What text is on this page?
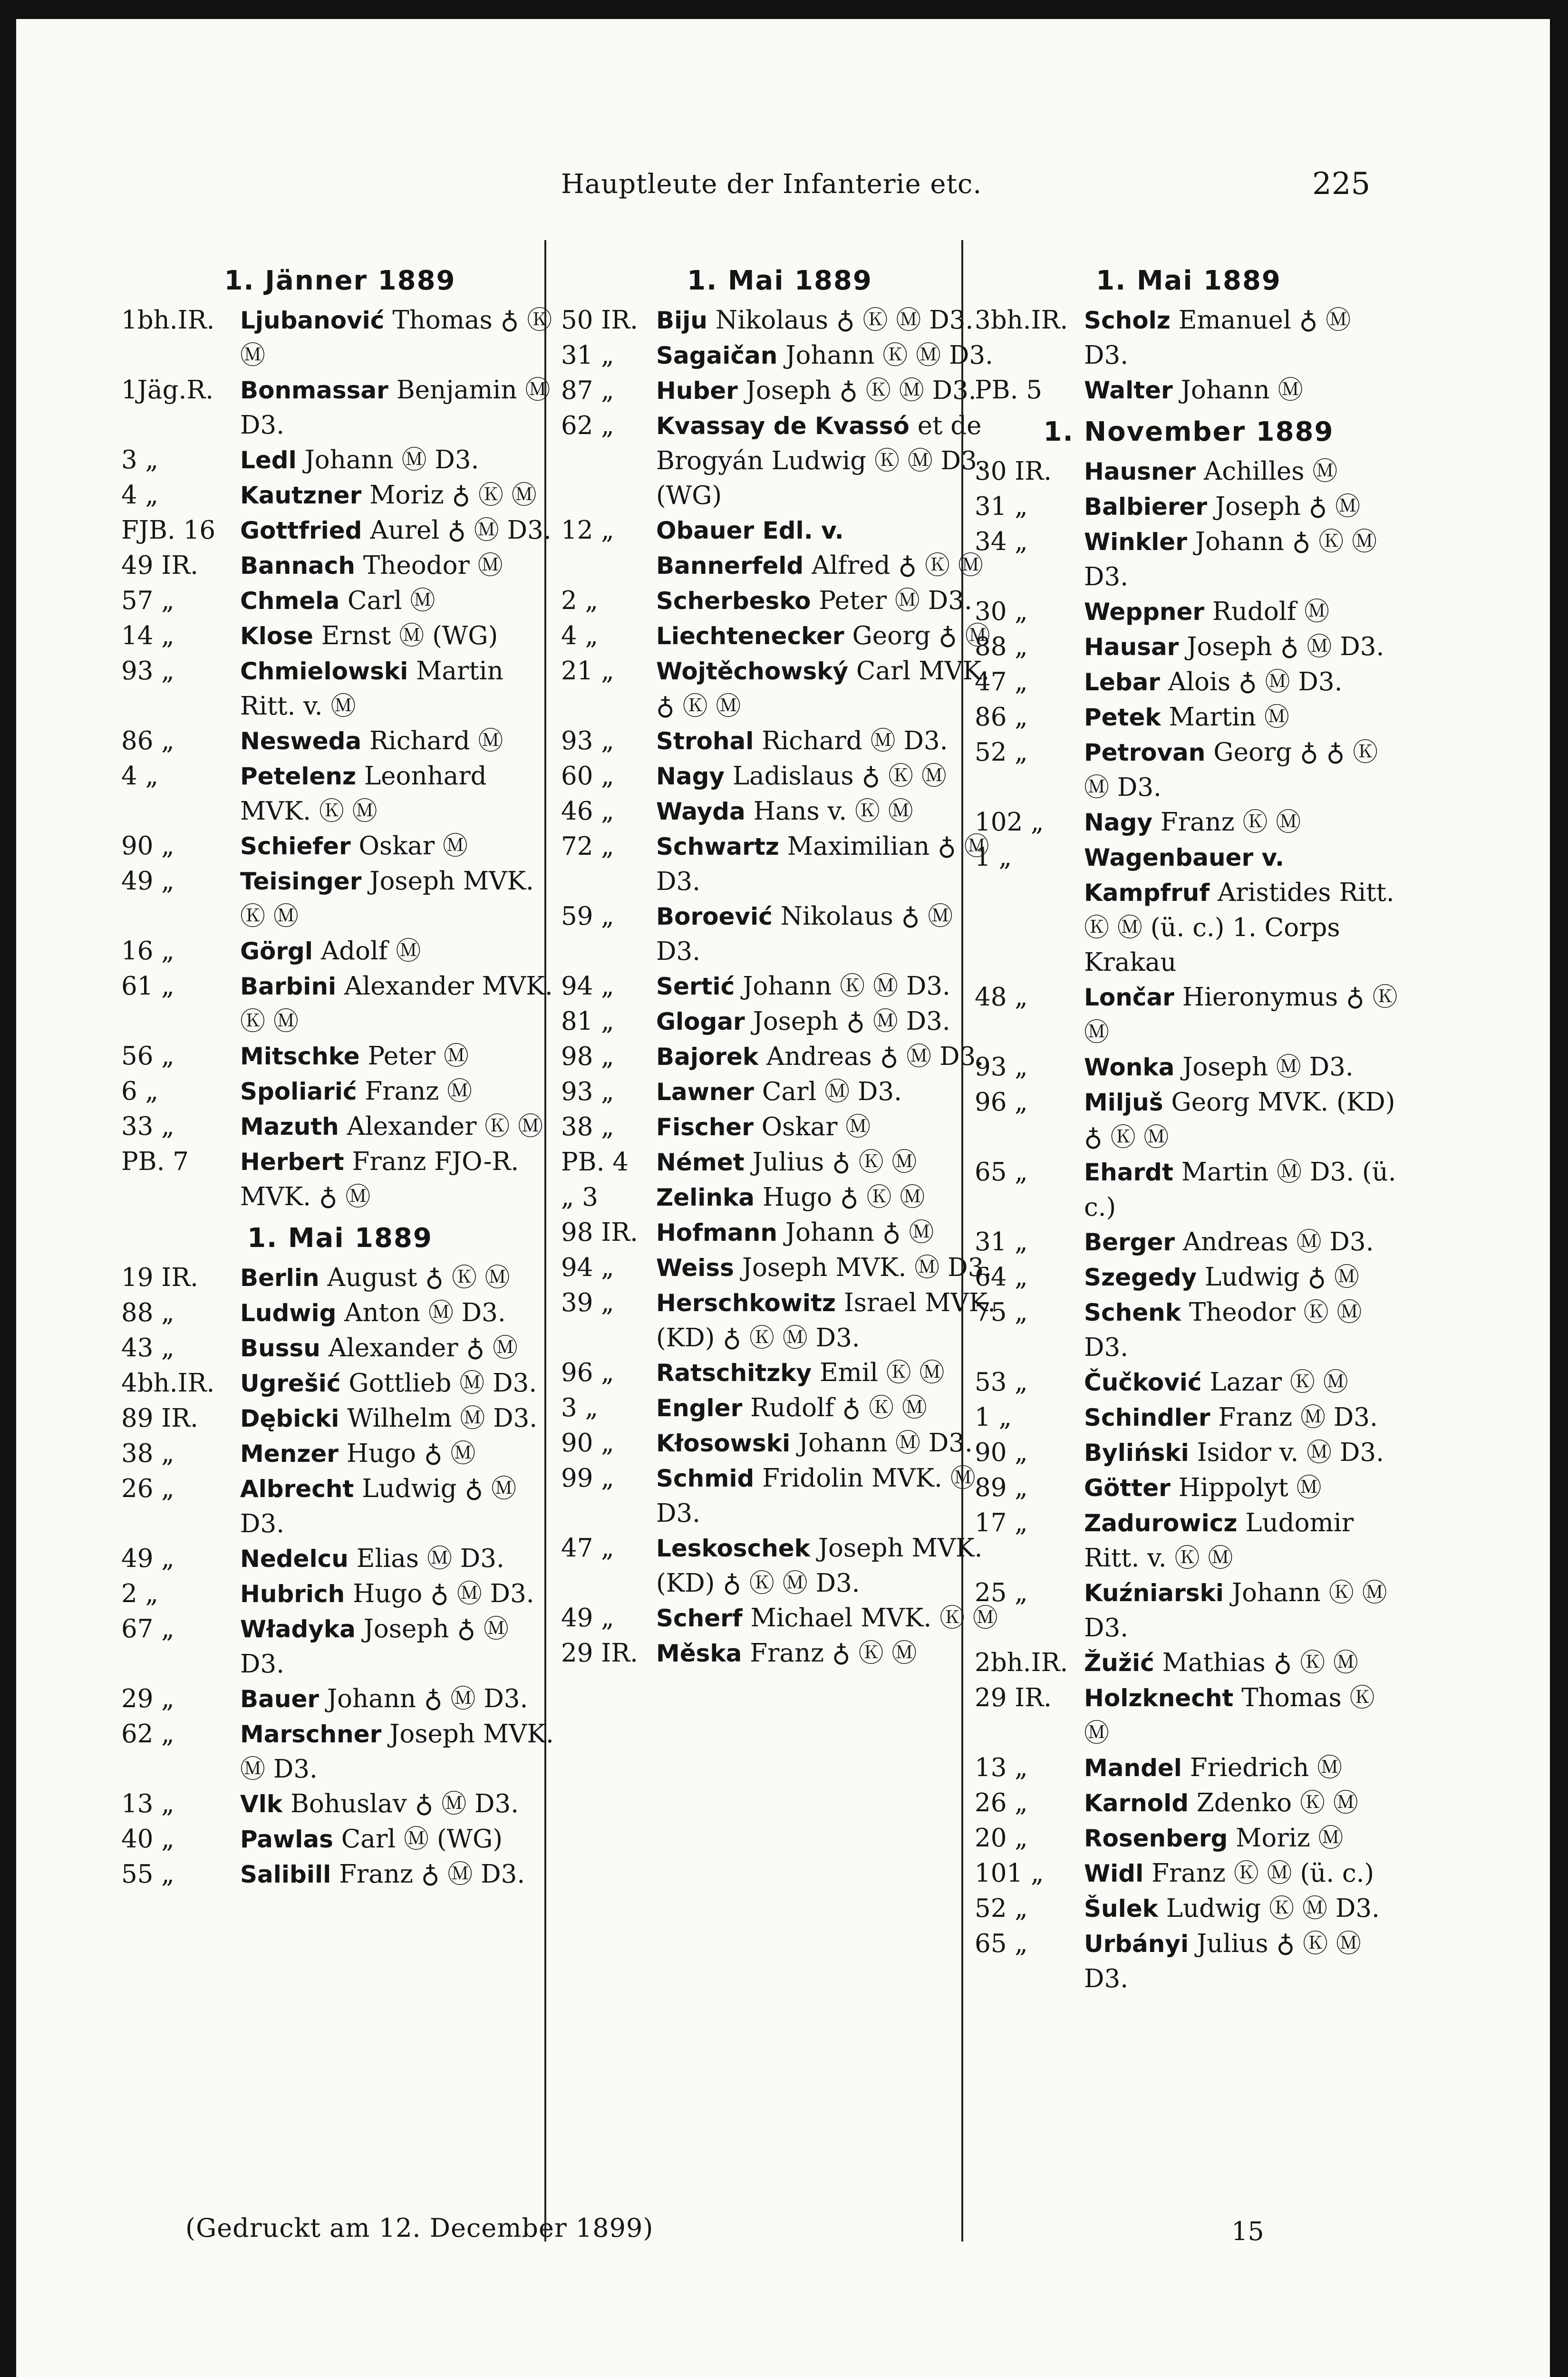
Hauptleute der Infanterie etc.	225
1. Jänner 1889
1bh.IR.	Ljubanović Thomas ♁ Ⓚ Ⓜ
1Jäg.R.	Bonmassar Benjamin Ⓜ D3.
3 „	Ledl Johann Ⓜ D3.
4 „	Kautzner Moriz ♁ Ⓚ Ⓜ
FJB. 16	Gottfried Aurel ♁ Ⓜ D3.
49 IR.	Bannach Theodor Ⓜ
57 „	Chmela Carl Ⓜ
14 „	Klose Ernst Ⓜ (WG)
93 „	Chmielowski Martin Ritt. v. Ⓜ
86 „	Nesweda Richard Ⓜ
4 „	Petelenz Leonhard MVK. Ⓚ Ⓜ
90 „	Schiefer Oskar Ⓜ
49 „	Teisinger Joseph MVK. Ⓚ Ⓜ
16 „	Görgl Adolf Ⓜ
61 „	Barbini Alexander MVK. Ⓚ Ⓜ
56 „	Mitschke Peter Ⓜ
6 „	Spoliarić Franz Ⓜ
33 „	Mazuth Alexander Ⓚ Ⓜ
PB. 7	Herbert Franz FJO-R. MVK. ♁ Ⓜ
1. Mai 1889
19 IR.	Berlin August ♁ Ⓚ Ⓜ
88 „	Ludwig Anton Ⓜ D3.
43 „	Bussu Alexander ♁ Ⓜ
4bh.IR.	Ugrešić Gottlieb Ⓜ D3.
89 IR.	Dębicki Wilhelm Ⓜ D3.
38 „	Menzer Hugo ♁ Ⓜ
26 „	Albrecht Ludwig ♁ Ⓜ D3.
49 „	Nedelcu Elias Ⓜ D3.
2 „	Hubrich Hugo ♁ Ⓜ D3.
67 „	Władyka Joseph ♁ Ⓜ D3.
29 „	Bauer Johann ♁ Ⓜ D3.
62 „	Marschner Joseph MVK. Ⓜ D3.
13 „	Vlk Bohuslav ♁ Ⓜ D3.
40 „	Pawlas Carl Ⓜ (WG)
55 „	Salibill Franz ♁ Ⓜ D3.
1. Mai 1889
50 IR. Biju Nikolaus ♁ Ⓚ Ⓜ D3.
31 „	Sagaičan Johann Ⓚ Ⓜ D3.
87 „	Huber Joseph ♁ Ⓚ Ⓜ D3.
62 „	Kvassay de Kvassó et de Brogyán Ludwig Ⓚ Ⓜ D3. (WG)
12 „	Obauer Edl. v. Bannerfeld Alfred ♁ Ⓚ Ⓜ
2 „	Scherbesko Peter Ⓜ D3.
4 „	Liechtenecker Georg ♁ Ⓜ
21 „	Wojtěchowský Carl MVK. ♁ Ⓚ Ⓜ
93 „	Strohal Richard Ⓜ D3.
60 „	Nagy Ladislaus ♁ Ⓚ Ⓜ
46 „	Wayda Hans v. Ⓚ Ⓜ
72 „	Schwartz Maximilian ♁ Ⓜ D3.
59 „	Boroević Nikolaus ♁ Ⓜ D3.
94 „	Sertić Johann Ⓚ Ⓜ D3.
81 „	Glogar Joseph ♁ Ⓜ D3.
98 „	Bajorek Andreas ♁ Ⓜ D3.
93 „	Lawner Carl Ⓜ D3.
38 „	Fischer Oskar Ⓜ
PB. 4	Német Julius ♁ Ⓚ Ⓜ
„ 3	Zelinka Hugo ♁ Ⓚ Ⓜ
98 IR. Hofmann Johann ♁ Ⓜ
94 „	Weiss Joseph MVK. Ⓜ D3.
39 „	Herschkowitz Israel MVK. (KD) ♁ Ⓚ Ⓜ D3.
96 „	Ratschitzky Emil Ⓚ Ⓜ
3 „	Engler Rudolf ♁ Ⓚ Ⓜ
90 „	Kłosowski Johann Ⓜ D3.
99 „	Schmid Fridolin MVK. Ⓜ D3.
47 „	Leskoschek Joseph MVK. (KD) ♁ Ⓚ Ⓜ D3.
49 „	Scherf Michael MVK. Ⓚ Ⓜ
29 IR. Měska Franz ♁ Ⓚ Ⓜ
1. Mai 1889
3bh.IR. Scholz Emanuel ♁ Ⓜ D3.
PB. 5	Walter Johann Ⓜ
1. November 1889
30 IR.	Hausner Achilles Ⓜ
31 „	Balbierer Joseph ♁ Ⓜ
34 „	Winkler Johann ♁ Ⓚ Ⓜ D3.
30 „	Weppner Rudolf Ⓜ
88 „	Hausar Joseph ♁ Ⓜ D3.
47 „	Lebar Alois ♁ Ⓜ D3.
86 „	Petek Martin Ⓜ
52 „	Petrovan Georg ♁ ♁ Ⓚ Ⓜ D3.
102 „	Nagy Franz Ⓚ Ⓜ
1 „	Wagenbauer v. Kampfruf Aristides Ritt. Ⓚ Ⓜ (ü. c.) 1. Corps Krakau
48 „	Lončar Hieronymus ♁ Ⓚ Ⓜ
93 „	Wonka Joseph Ⓜ D3.
96 „	Miljuš Georg MVK. (KD) ♁ Ⓚ Ⓜ
65 „	Ehardt Martin Ⓜ D3. (ü. c.)
31 „	Berger Andreas Ⓜ D3.
64 „	Szegedy Ludwig ♁ Ⓜ
75 „	Schenk Theodor Ⓚ Ⓜ D3.
53 „	Čučković Lazar Ⓚ Ⓜ
1 „	Schindler Franz Ⓜ D3.
90 „	Byliński Isidor v. Ⓜ D3.
89 „	Götter Hippolyt Ⓜ
17 „	Zadurowicz Ludomir Ritt. v. Ⓚ Ⓜ
25 „	Kuźniarski Johann Ⓚ Ⓜ D3.
2bh.IR. Žužić Mathias ♁ Ⓚ Ⓜ
29 IR.	Holzknecht Thomas Ⓚ Ⓜ
13 „	Mandel Friedrich Ⓜ
26 „	Karnold Zdenko Ⓚ Ⓜ
20 „	Rosenberg Moriz Ⓜ
101 „	Widl Franz Ⓚ Ⓜ (ü. c.)
52 „	Šulek Ludwig Ⓚ Ⓜ D3.
65 „	Urbányi Julius ♁ Ⓚ Ⓜ D3.
(Gedruckt am 12. December 1899)	15
